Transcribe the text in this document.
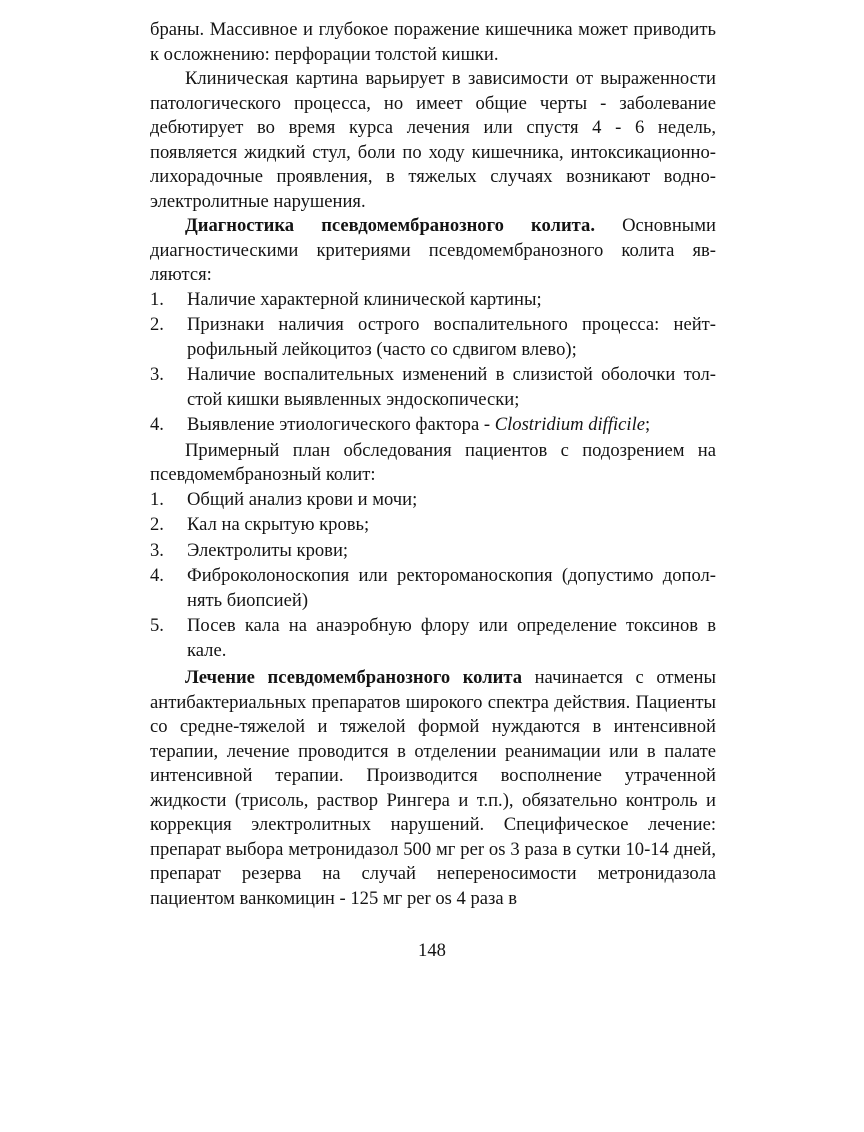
браны. Массивное и глубокое поражение кишечника может приводить к осложнению: перфорации толстой кишки.

Клиническая картина варьирует в зависимости от выраженности патологического процесса, но имеет общие черты - заболевание дебютирует во время курса лечения или спустя 4 - 6 недель, появляется жидкий стул, боли по ходу кишечника, интоксикационно-лихорадочные проявления, в тяжелых случаях возникают водно-электролитные нарушения.

Диагностика псевдомембранозного колита. Основными диагностическими критериями псевдомембранозного колита являются:

1. Наличие характерной клинической картины;
2. Признаки наличия острого воспалительного процесса: нейтрофильный лейкоцитоз (часто со сдвигом влево);
3. Наличие воспалительных изменений в слизистой оболочки толстой кишки выявленных эндоскопически;
4. Выявление этиологического фактора - Clostridium difficile;

Примерный план обследования пациентов с подозрением на псевдомембранозный колит:

1. Общий анализ крови и мочи;
2. Кал на скрытую кровь;
3. Электролиты крови;
4. Фиброколоноскопия или ректороманоскопия (допустимо дополнять биопсией)
5. Посев кала на анаэробную флору или определение токсинов в кале.

Лечение псевдомембранозного колита начинается с отмены антибактериальных препаратов широкого спектра действия. Пациенты со средне-тяжелой и тяжелой формой нуждаются в интенсивной терапии, лечение проводится в отделении реанимации или в палате интенсивной терапии. Производится восполнение утраченной жидкости (трисоль, раствор Рингера и т.п.), обязательно контроль и коррекция электролитных нарушений. Специфическое лечение: препарат выбора метронидазол 500 мг per os 3 раза в сутки 10-14 дней, препарат резерва на случай непереносимости метронидазола пациентом ванкомицин - 125 мг per os 4 раза в

148
